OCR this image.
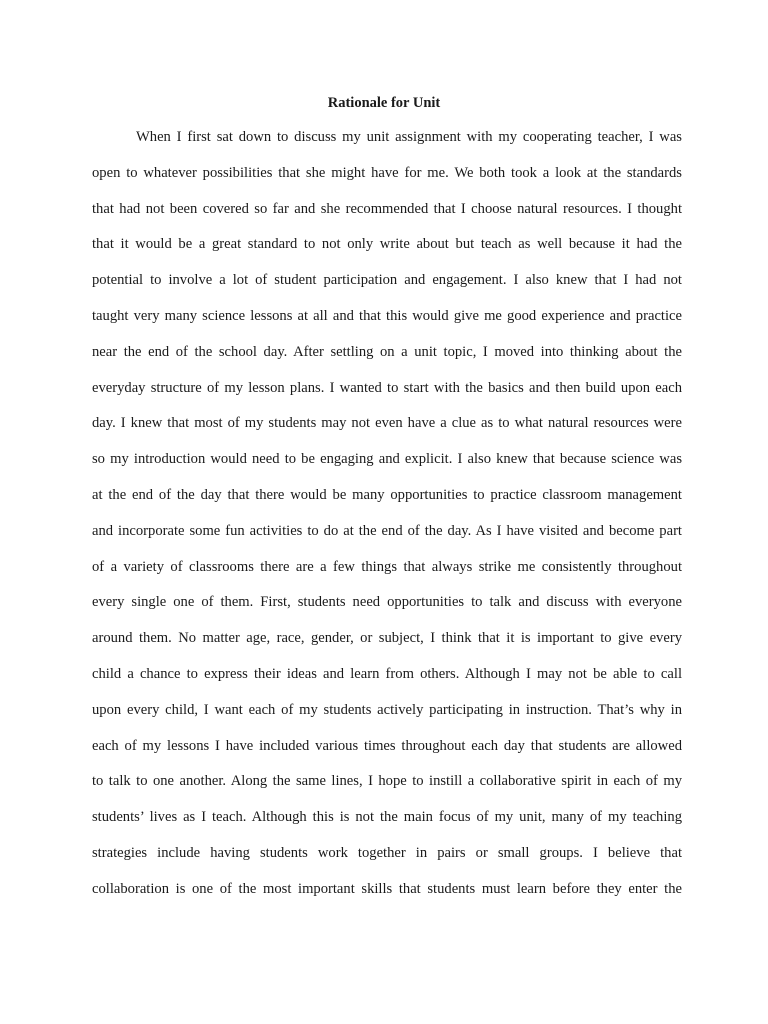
Rationale for Unit
When I first sat down to discuss my unit assignment with my cooperating teacher, I was
open to whatever possibilities that she might have for me. We both took a look at the standards
that had not been covered so far and she recommended that I choose natural resources. I thought
that it would be a great standard to not only write about but teach as well because it had the
potential to involve a lot of student participation and engagement. I also knew that I had not
taught very many science lessons at all and that this would give me good experience and practice
near the end of the school day. After settling on a unit topic, I moved into thinking about the
everyday structure of my lesson plans. I wanted to start with the basics and then build upon each
day. I knew that most of my students may not even have a clue as to what natural resources were
so my introduction would need to be engaging and explicit. I also knew that because science was
at the end of the day that there would be many opportunities to practice classroom management
and incorporate some fun activities to do at the end of the day. As I have visited and become part
of a variety of classrooms there are a few things that always strike me consistently throughout
every single one of them. First, students need opportunities to talk and discuss with everyone
around them. No matter age, race, gender, or subject, I think that it is important to give every
child a chance to express their ideas and learn from others. Although I may not be able to call
upon every child, I want each of my students actively participating in instruction. That’s why in
each of my lessons I have included various times throughout each day that students are allowed
to talk to one another. Along the same lines, I hope to instill a collaborative spirit in each of my
students’ lives as I teach. Although this is not the main focus of my unit, many of my teaching
strategies include having students work together in pairs or small groups. I believe that
collaboration is one of the most important skills that students must learn before they enter the
